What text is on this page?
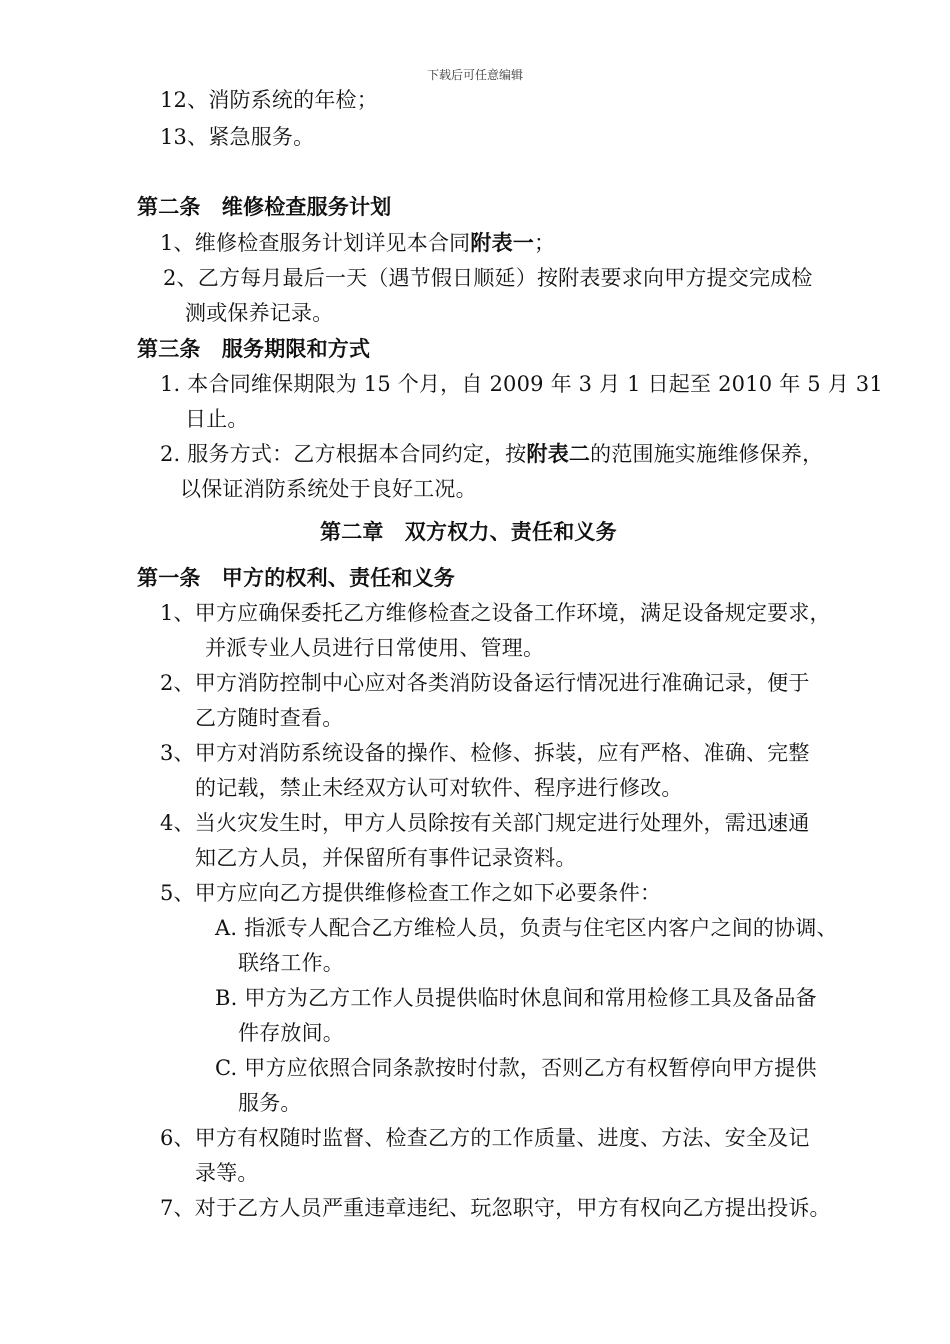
下载后可任意编辑
12、消防系统的年检；
13、紧急服务。
第二条　维修检查服务计划
1、维修检查服务计划详见本合同附表一；
2、乙方每月最后一天（遇节假日顺延）按附表要求向甲方提交完成检
测或保养记录。
第三条　服务期限和方式
1. 本合同维保期限为 15 个月，自 2009 年 3 月 1 日起至 2010 年 5 月 31
日止。
2. 服务方式：乙方根据本合同约定，按附表二的范围施实施维修保养，
以保证消防系统处于良好工况。
第二章　双方权力、责任和义务
第一条　甲方的权利、责任和义务
1、甲方应确保委托乙方维修检查之设备工作环境，满足设备规定要求，
并派专业人员进行日常使用、管理。
2、甲方消防控制中心应对各类消防设备运行情况进行准确记录，便于
乙方随时查看。
3、甲方对消防系统设备的操作、检修、拆装，应有严格、准确、完整
的记载，禁止未经双方认可对软件、程序进行修改。
4、当火灾发生时，甲方人员除按有关部门规定进行处理外，需迅速通
知乙方人员，并保留所有事件记录资料。
5、甲方应向乙方提供维修检查工作之如下必要条件：
A. 指派专人配合乙方维检人员，负责与住宅区内客户之间的协调、
联络工作。
B. 甲方为乙方工作人员提供临时休息间和常用检修工具及备品备
件存放间。
C. 甲方应依照合同条款按时付款，否则乙方有权暂停向甲方提供
服务。
6、甲方有权随时监督、检查乙方的工作质量、进度、方法、安全及记
录等。
7、对于乙方人员严重违章违纪、玩忽职守，甲方有权向乙方提出投诉。
